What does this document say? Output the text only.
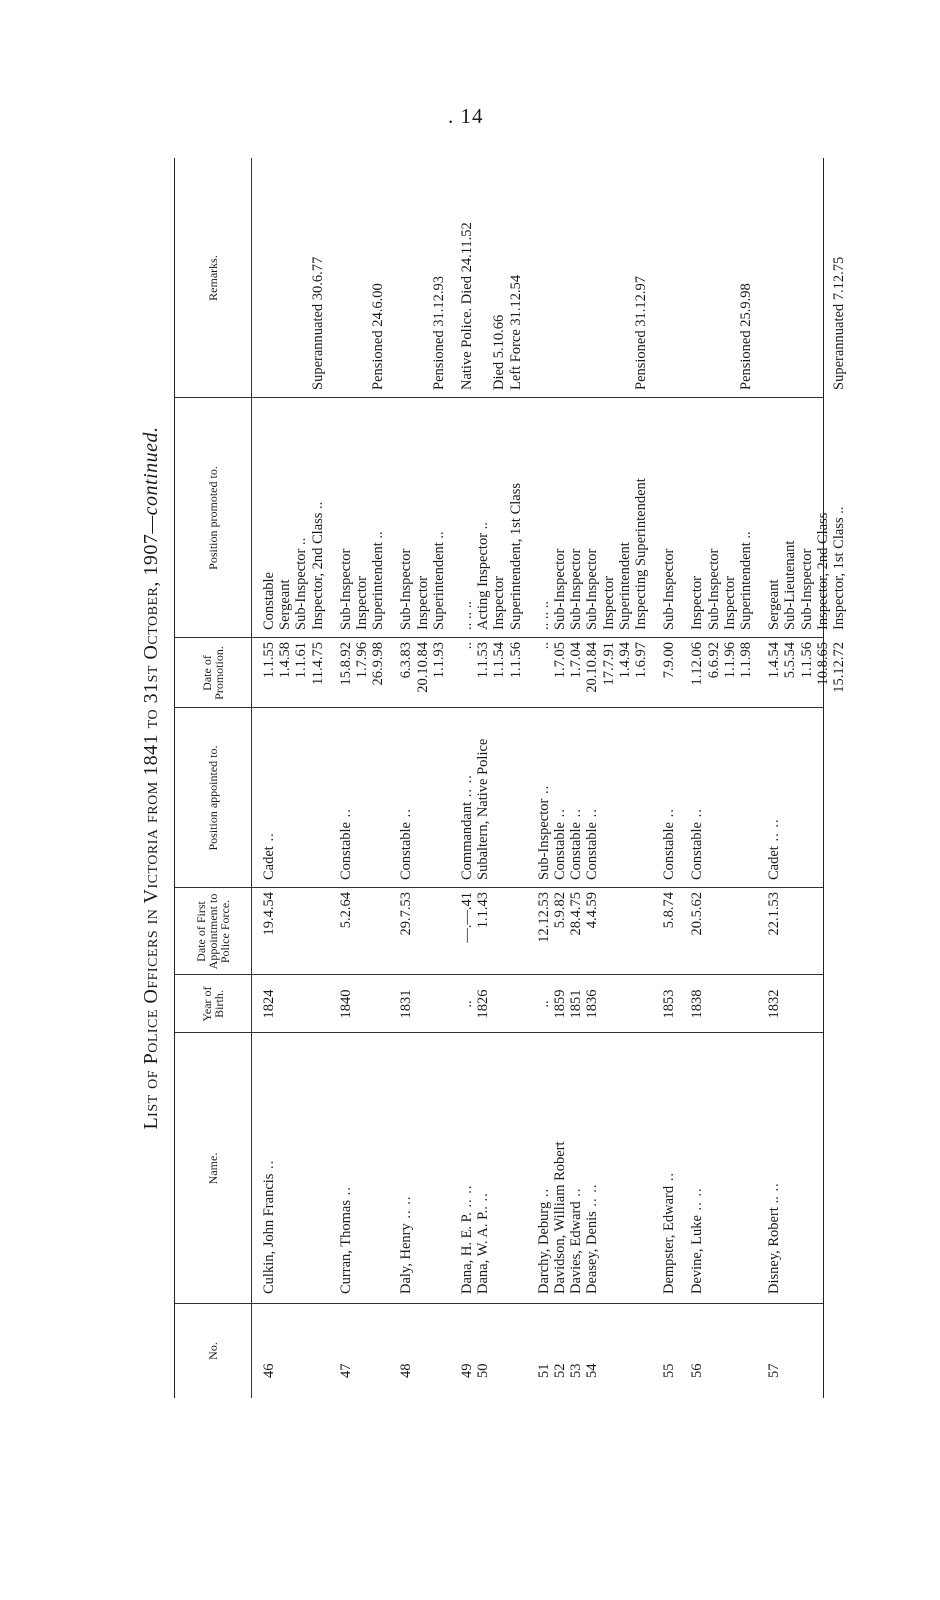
. 14
List of Police Officers in Victoria from 1841 to 31st October, 1907—continued.
No.
Name.
Year of Birth.
Date of First Appointment to Police Force.
Position appointed to.
Date of Promotion.
Position promoted to.
Remarks.
46
Culkin, John Francis ..
1824
19.4.54
Cadet ..
1.1.55
Constable
1.4.58
Sergeant
1.1.61
Sub-Inspector ..
11.4.75
Inspector, 2nd Class ..
Superannuated 30.6.77
47
Curran, Thomas ..
1840
5.2.64
Constable ..
15.8.92
Sub-Inspector
1.7.96
Inspector
26.9.98
Superintendent ..
Pensioned 24.6.00
48
Daly, Henry .. ..
1831
29.7.53
Constable ..
6.3.83
Sub-Inspector
20.10.84
Inspector
1.1.93
Superintendent ..
Pensioned 31.12.93
49
Dana, H. E. P. .. ..
..
—.—.41
Commandant .. ..
..
.. .. ..
Native Police. Died 24.11.52
50
Dana, W. A. P.. ..
1826
1.1.43
Subaltern, Native Police
1.1.53
Acting Inspector ..
1.1.54
Inspector
Died 5.10.66
1.1.56
Superintendent, 1st Class
Left Force 31.12.54
51
Darchy, Deburg ..
..
12.12.53
Sub-Inspector ..
..
.. .. ..
52
Davidson, William Robert
1859
5.9.82
Constable ..
1.7.05
Sub-Inspector
53
Davies, Edward ..
1851
28.4.75
Constable ..
1.7.04
Sub-Inspector
54
Deasey, Denis .. ..
1836
4.4.59
Constable ..
20.10.84
Sub-Inspector
17.7.91
Inspector
1.4.94
Superintendent
1.6.97
Inspecting Superintendent
Pensioned 31.12.97
55
Dempster, Edward ..
1853
5.8.74
Constable ..
7.9.00
Sub-Inspector
56
Devine, Luke .. ..
1838
20.5.62
Constable ..
1.12.06
Inspector
6.6.92
Sub-Inspector
1.1.96
Inspector
1.1.98
Superintendent ..
Pensioned 25.9.98
57
Disney, Robert .. ..
1832
22.1.53
Cadet .. ..
1.4.54
Sergeant
5.5.54
Sub-Lieutenant
1.1.56
Sub-Inspector
10.8.65
Inspector, 2nd Class
15.12.72
Inspector, 1st Class ..
Superannuated 7.12.75
